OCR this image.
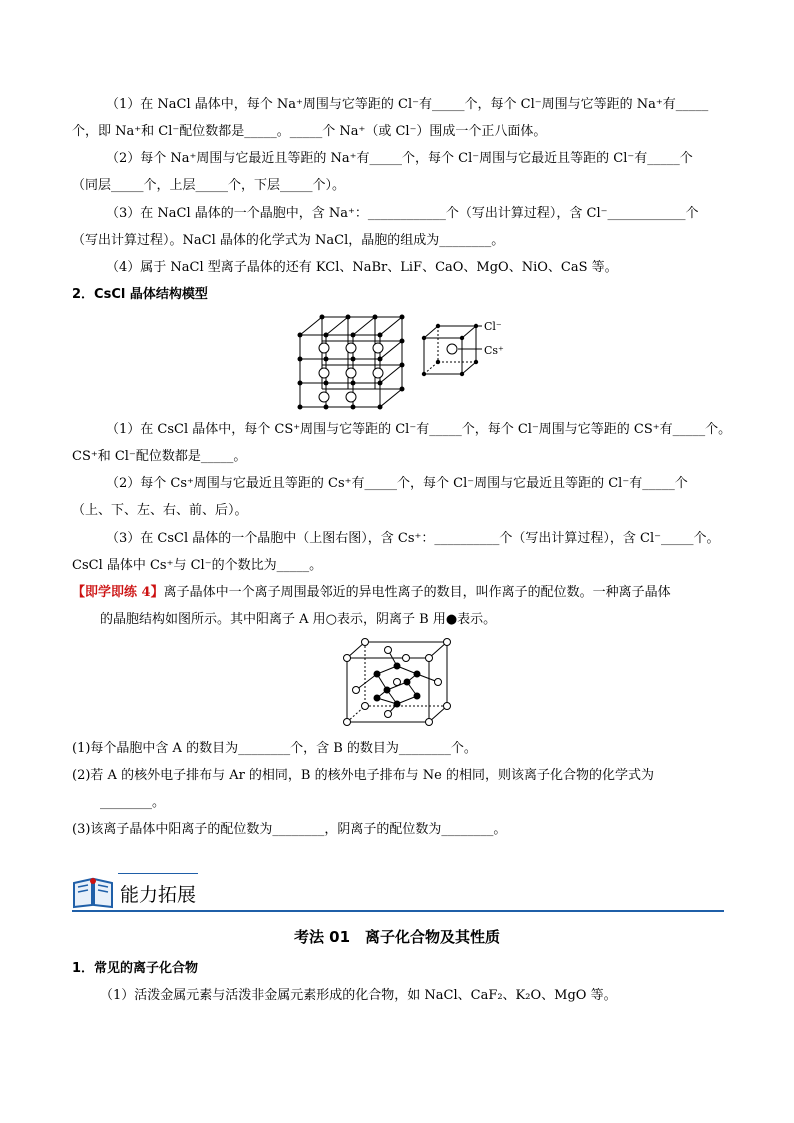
（1）在 NaCl 晶体中，每个 Na⁺周围与它等距的 Cl⁻有_____个，每个 Cl⁻周围与它等距的 Na⁺有_____
个，即 Na⁺和 Cl⁻配位数都是_____。_____个 Na⁺（或 Cl⁻）围成一个正八面体。
（2）每个 Na⁺周围与它最近且等距的 Na⁺有_____个，每个 Cl⁻周围与它最近且等距的 Cl⁻有_____个
（同层_____个，上层_____个，下层_____个）。
（3）在 NaCl 晶体的一个晶胞中，含 Na⁺：____________个（写出计算过程），含 Cl⁻____________个
（写出计算过程）。NaCl 晶体的化学式为 NaCl，晶胞的组成为________。
（4）属于 NaCl 型离子晶体的还有 KCl、NaBr、LiF、CaO、MgO、NiO、CaS 等。
2．CsCl 晶体结构模型
Cl⁻
Cs⁺
（1）在 CsCl 晶体中，每个 CS⁺周围与它等距的 Cl⁻有_____个，每个 Cl⁻周围与它等距的 CS⁺有_____个。
CS⁺和 Cl⁻配位数都是_____。
（2）每个 Cs⁺周围与它最近且等距的 Cs⁺有_____个，每个 Cl⁻周围与它最近且等距的 Cl⁻有_____个
（上、下、左、右、前、后）。
（3）在 CsCl 晶体的一个晶胞中（上图右图），含 Cs⁺：__________个（写出计算过程），含 Cl⁻_____个。
CsCl 晶体中 Cs⁺与 Cl⁻的个数比为_____。
【即学即练 4】离子晶体中一个离子周围最邻近的异电性离子的数目，叫作离子的配位数。一种离子晶体
的晶胞结构如图所示。其中阳离子 A 用○表示，阴离子 B 用●表示。
(1)每个晶胞中含 A 的数目为________个，含 B 的数目为________个。
(2)若 A 的核外电子排布与 Ar 的相同，B 的核外电子排布与 Ne 的相同，则该离子化合物的化学式为
________。
(3)该离子晶体中阳离子的配位数为________，阴离子的配位数为________。
能力拓展
考法 01　离子化合物及其性质
1．常见的离子化合物
（1）活泼金属元素与活泼非金属元素形成的化合物，如 NaCl、CaF₂、K₂O、MgO 等。
